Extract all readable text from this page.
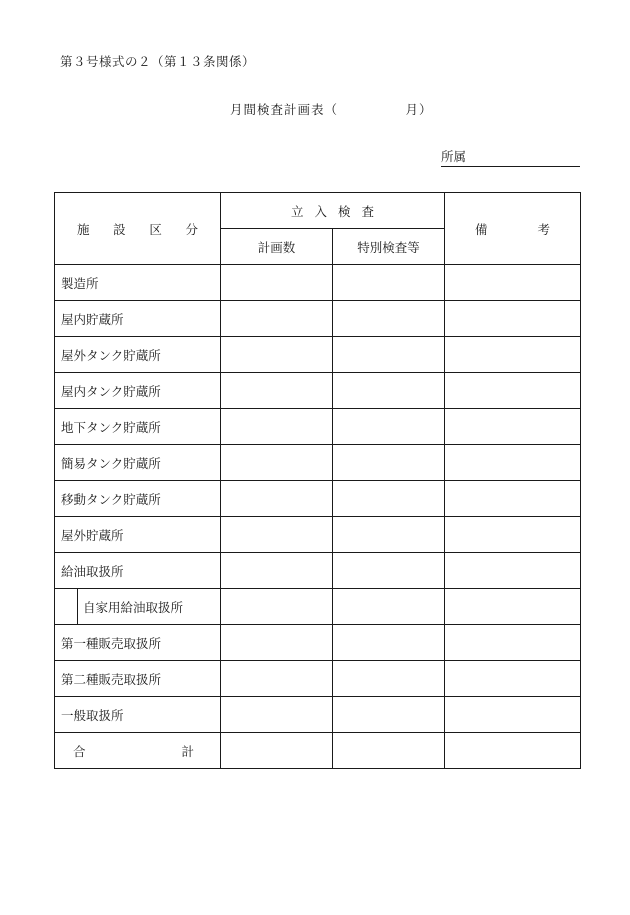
第３号様式の２（第１３条関係）
月間検査計画表（　　　　　月）
所属
施 設 区 分	立 入 検 査		備 考

	計画数	特別検査等	
製造所			
屋内貯蔵所			
屋外タンク貯蔵所			
屋内タンク貯蔵所			
地下タンク貯蔵所			
簡易タンク貯蔵所			
移動タンク貯蔵所			
屋外貯蔵所			
給油取扱所			

自家用給油取扱所			

第一種販売取扱所			
第二種販売取扱所			
一般取扱所			

合 計			
